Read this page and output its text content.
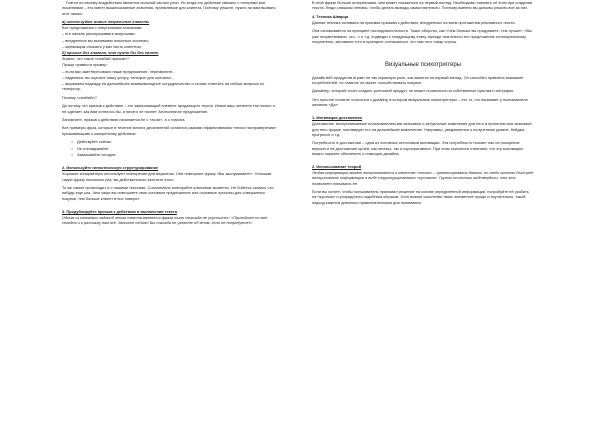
Глагол по своему воздействию является сильной частью речи. Но когда его действие связано с потерями или лишениями – это имеет вышесказанные значения, приемлемое для клиента. Поэтому решите, нужно ли вам вызвать этот нюанс.
а) используйте живые энергичные глаголы
Вот предложения с энергичными глаголами:
– его начали расспрашивать вопросами;
– внедренное вы вынимаем поносные системы;
– желающим отказать у вас часть клиентов;
б) призыв без глагола, что нужно бы без колено
Знаете, что такое «слабый призыв»?
Проще привести пример:
– если вас заинтересовало наше предложение, перезвоните...
– надеемся, вы оцените нашу услугу, телефон для контакта...
– выражаем надежду на дальнейшее взаимовыгодное сотрудничество и готовы ответить на любые вопросы по телефону...
Почему «слабый»?
Да потому что призыв к действию – это завершающий элемент продающего текста. Иначе ваш читатель так ничего и не сделает, как вам хотелось бы, и ничего не начнет. Бесполезное предложение.
Запомните, призыв к действию начинается не с «если», а с глагола.
Вот примеры фраз, которые в течение многих десятилетий остаются самыми эффективными «эпохи ниспроверения», призывающими к конкретному действию:
○ Действуйте сейчас.
○ Не откладывайте.
○ Заказывайте сегодня.
2. Используйте гипнотическую структурирование
Хорошие копирайтеры используют повторение для внушения. Они повторяют фразу «Вы заслуживаете». Услышав такую фразу несколько раз, вы действительно захотите этого.
То же самое происходит и с нашими текстами. Сознательно повторяйте ключевые моменты. Не бойтесь сказать что-нибудь еще раз. Чем чаще вы повторяете свое основное предложение или основные причины для совершения покупки, тем больше клиент в них поверит.
3. Продублируйте призыв к действию в заключении текста
Одним из ключевых заданий этого текста является фраза типа «никогда не упустите»: «Приходите ко мне сегодня и я расскажу вам всё. Звоните сейчас! Вы никогда не узнаете об этом, если не попробуете!»
В этой фразе больше антиреклама, чем может показаться на первый взгляд. Необходимо помнить об этом при создании текста. Люди слишком ленивы, чтобы делать выводы самостоятельно. Поэтому именно вы должны решить все за них.
4. Техника Шварца
Данная техника основана на приемах призыва к действию, внедренных на всем протяжении рекламного текста.
Она основывается на принципе последовательности. Такие обороты, как «Чем больше вы продумаете, тем лучше», «Вы уже почувствовали, что...» и т.д. подводят к следующему этапу, прежде чем внести его предложение потенциальному покупателю, заставляя того в принципе соглашаться, что сам этот товар хорош.
Визуальные психотриггеры
Дизайн веб-продуктов играет не так скромную роль, как кажется на первый взгляд. Он способен привлечь внимание потребителей, но главное он может способствовать покупке.
Дизайнер, который хочет создать успешный продукт, не может полагаться на собственные чувства и интуицию.
Это простое понятие относится к дизайну, в котором визуальные психотриггеры – это то, что вызывает у пользователя желание «Да».
1. Мотивация достижения
Достижение, воспринимаемое пользователем как значимые и актуальные изменения для него в приятном или значимой для него форме, мотивирует его на дальнейшее вовлечение. Например, уведомления о полученном уровне, бейдже, прогрессе и т.д.
Потребность в достижении – одна из основных источников мотивации. Эта потребность толкает нас на покорение вершин и на достижение целей, как личных, так и корпоративных. При этом психологи отмечают, что эту мотивацию можно заранее обеспечить с помощью дизайна.
2. Использование теорий
Любая информация может восприниматься в качестве «точки» – ориентирования данных, но люди склонны быстрее воспринимать информацию в виде структурированных «кусочков». Группы психологи подтвердили, что это позволяет понимать ее.
Если вы хотите, чтобы пользователь принимал решение на основе определённой информации, попробуйте её разбить на «кусочки» и упорядочить подобным образом. Хотя всякое скопление таких элементов проще и поучительно, такой подход кажется довольно привлекательным для понимания.
